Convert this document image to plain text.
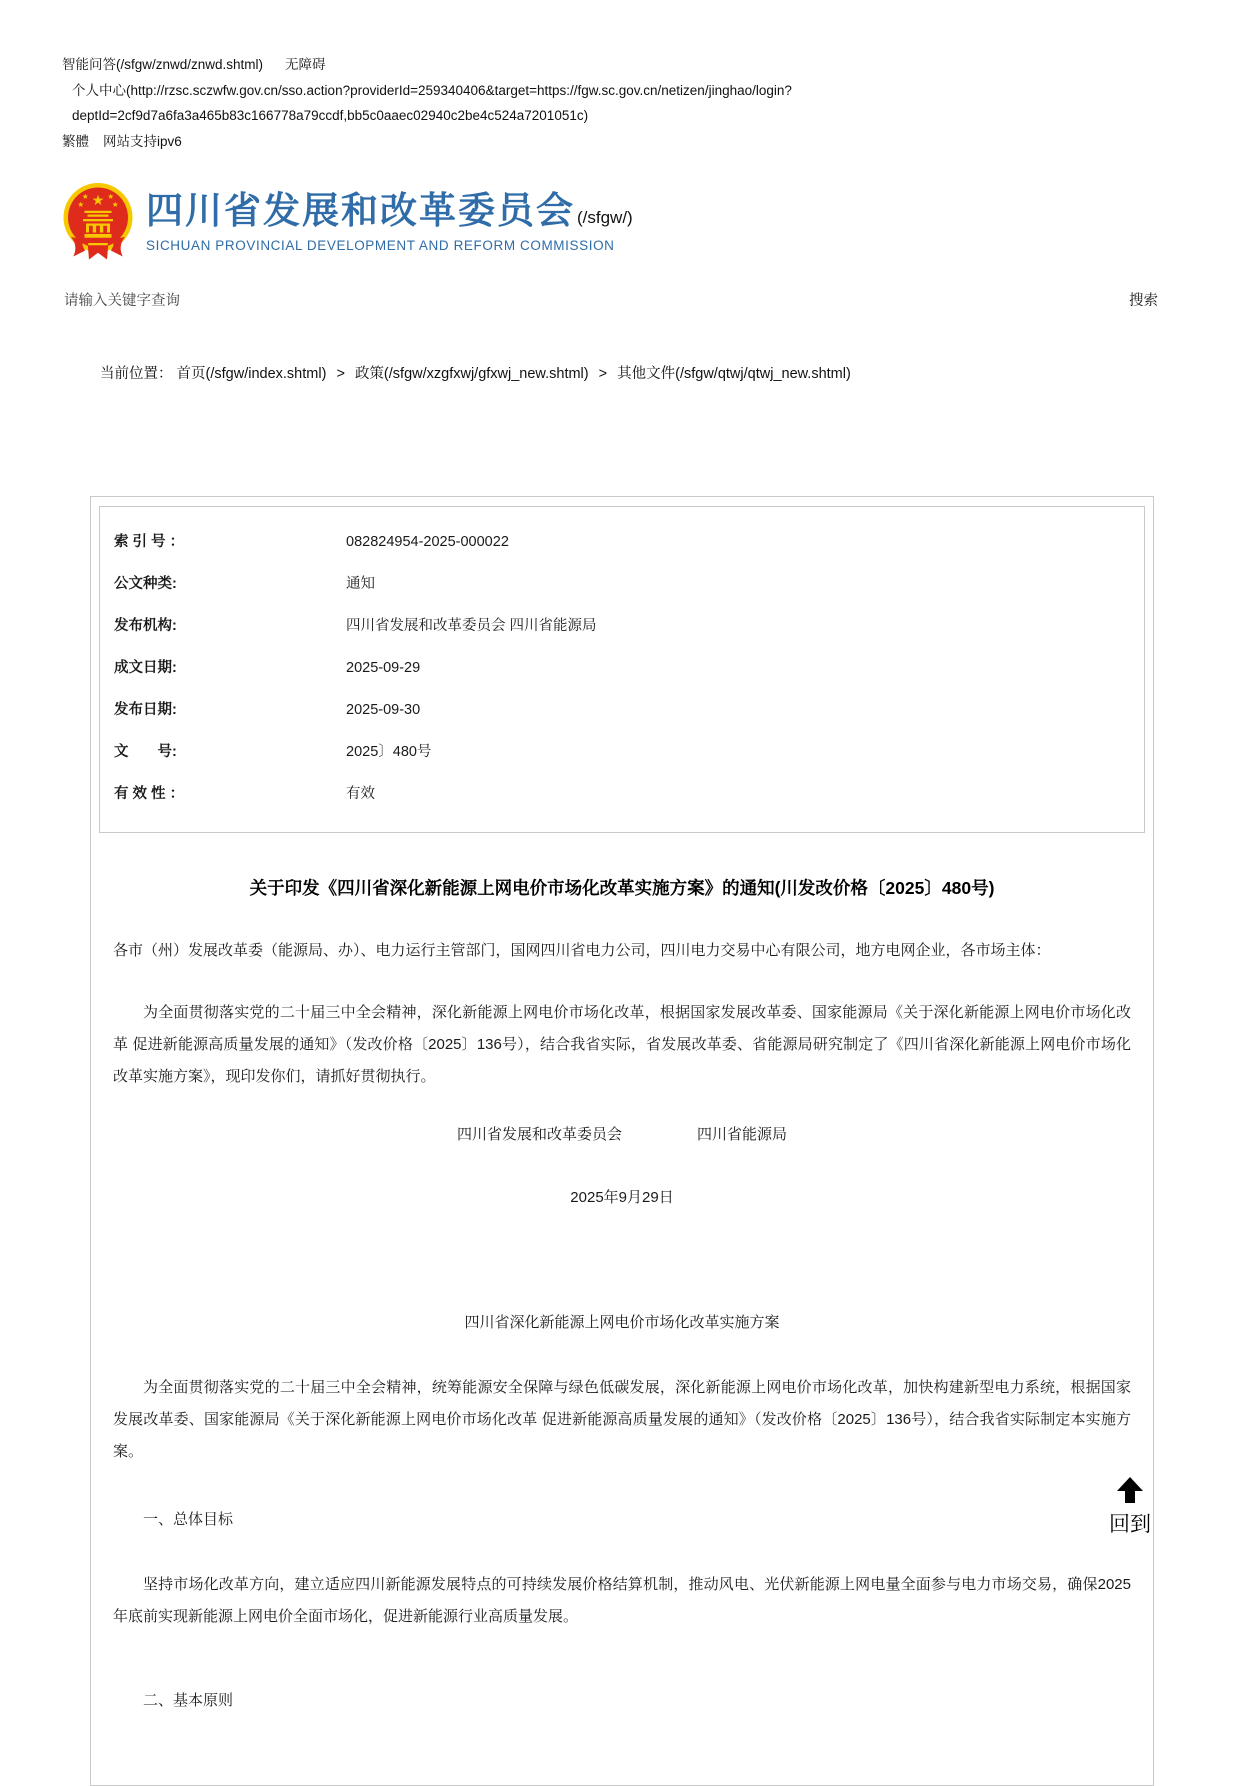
智能问答(/sfgw/znwd/znwd.shtml) 无障碍
个人中心(http://rzsc.sczwfw.gov.cn/sso.action?providerId=259340406&target=https://fgw.sc.gov.cn/netizen/jinghao/login?
deptId=2cf9d7a6fa3a465b83c166778a79ccdf,bb5c0aaec02940c2be4c524a7201051c)
繁體 网站支持ipv6
★
★ ★
★	★ 四川省发展和改革委员会 (/sfgw/)
SICHUAN PROVINCIAL DEVELOPMENT AND REFORM COMMISSION
请输入关键字查询	搜索
当前位置： 首页(/sfgw/index.shtml) > 政策(/sfgw/xzgfxwj/gfxwj_new.shtml) > 其他文件(/sfgw/qtwj/qtwj_new.shtml)
索 引 号 ：	082824954-2025-000022
公文种类:	通知
发布机构:	四川省发展和改革委员会 四川省能源局
成文日期:	2025-09-29
发布日期:	2025-09-30
文　　号:	2025〕480号
有 效 性 ：	有效
关于印发《四川省深化新能源上网电价市场化改革实施方案》的通知(川发改价格〔2025〕480号)

各市（州）发展改革委（能源局、办）、电力运行主管部门，国网四川省电力公司，四川电力交易中心有限公司，地方电网企业，各市场主体：

为全面贯彻落实党的二十届三中全会精神，深化新能源上网电价市场化改革，根据国家发展改革委、国家能源局《关于深化新能源上网电价市场化改革 促进新能源高质量发展的通知》（发改价格〔2025〕136号），结合我省实际，省发展改革委、省能源局研究制定了《四川省深化新能源上网电价市场化改革实施方案》，现印发你们，请抓好贯彻执行。

四川省发展和改革委员会　　　　　四川省能源局

2025年9月29日

四川省深化新能源上网电价市场化改革实施方案

为全面贯彻落实党的二十届三中全会精神，统筹能源安全保障与绿色低碳发展，深化新能源上网电价市场化改革，加快构建新型电力系统，根据国家发展改革委、国家能源局《关于深化新能源上网电价市场化改革 促进新能源高质量发展的通知》（发改价格〔2025〕136号），结合我省实际制定本实施方案。

一、总体目标

坚持市场化改革方向，建立适应四川新能源发展特点的可持续发展价格结算机制，推动风电、光伏新能源上网电量全面参与电力市场交易，确保2025年底前实现新能源上网电价全面市场化，促进新能源行业高质量发展。

二、基本原则

回到
